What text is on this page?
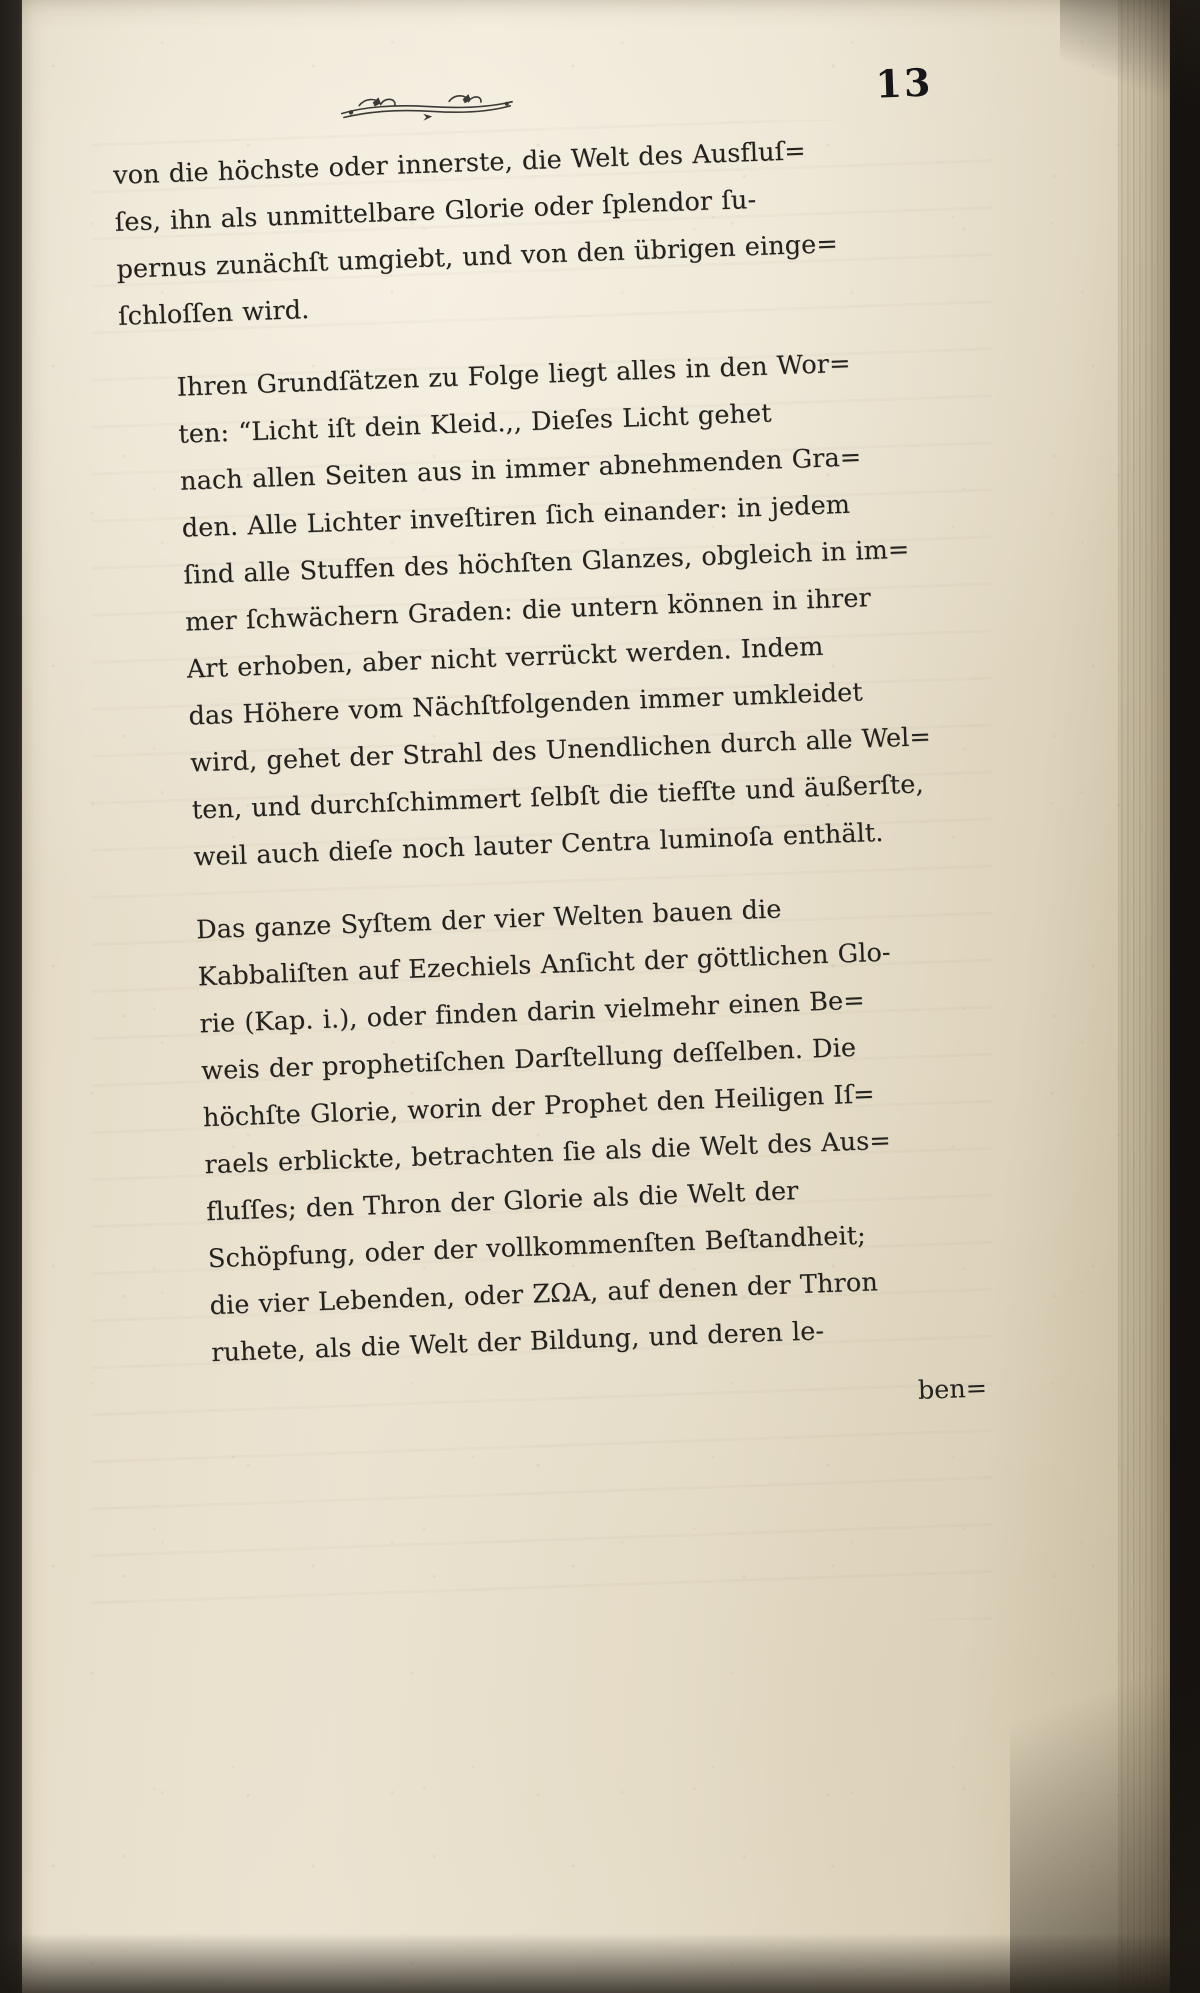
13
von die höchste oder innerste, die Welt des Ausfluſ=
ſes, ihn als unmittelbare Glorie oder ſplendor ſu-
pernus zunächſt umgiebt, und von den übrigen einge=
ſchloſſen wird.
Ihren Grundſätzen zu Folge liegt alles in den Wor=
ten: “Licht iſt dein Kleid.,, Dieſes Licht gehet
nach allen Seiten aus in immer abnehmenden Gra=
den. Alle Lichter inveſtiren ſich einander: in jedem
ſind alle Stuffen des höchſten Glanzes, obgleich in im=
mer ſchwächern Graden: die untern können in ihrer
Art erhoben, aber nicht verrückt werden. Indem
das Höhere vom Nächſtfolgenden immer umkleidet
wird, gehet der Strahl des Unendlichen durch alle Wel=
ten, und durchſchimmert ſelbſt die tiefſte und äußerſte,
weil auch dieſe noch lauter Centra luminoſa enthält.
Das ganze Syſtem der vier Welten bauen die
Kabbaliſten auf Ezechiels Anſicht der göttlichen Glo-
rie (Kap. i.), oder finden darin vielmehr einen Be=
weis der prophetiſchen Darſtellung deſſelben. Die
höchſte Glorie, worin der Prophet den Heiligen Iſ=
raels erblickte, betrachten ſie als die Welt des Aus=
fluſſes; den Thron der Glorie als die Welt der
Schöpfung, oder der vollkommenſten Beſtandheit;
die vier Lebenden, oder ZΩA, auf denen der Thron
ruhete, als die Welt der Bildung, und deren le-
ben=
